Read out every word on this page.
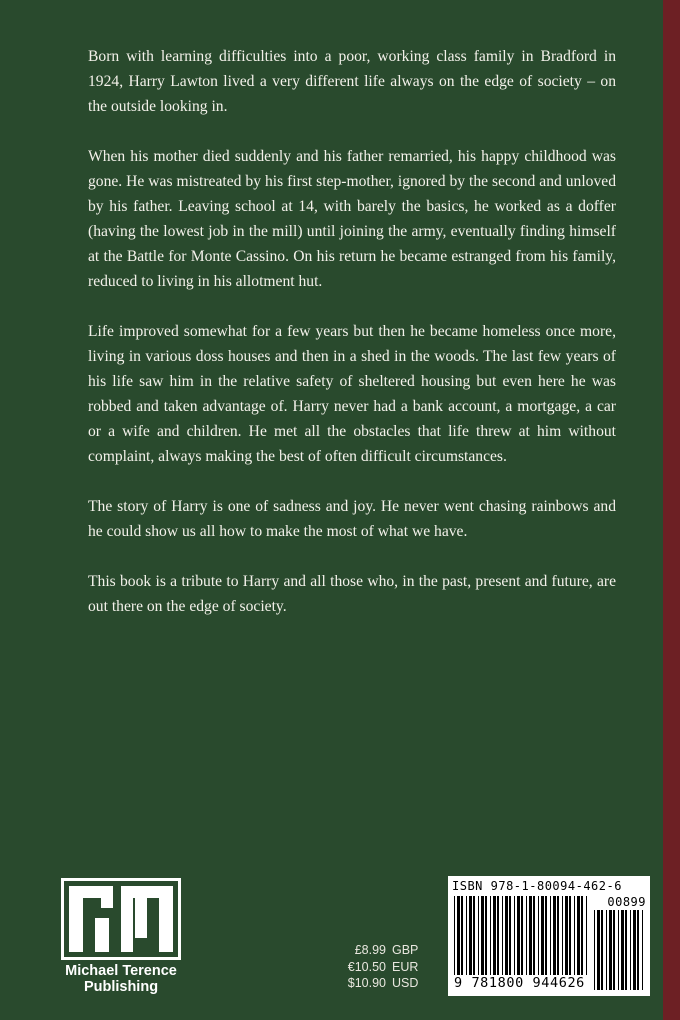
Born with learning difficulties into a poor, working class family in Bradford in 1924, Harry Lawton lived a very different life always on the edge of society – on the outside looking in.

When his mother died suddenly and his father remarried, his happy childhood was gone. He was mistreated by his first step-mother, ignored by the second and unloved by his father. Leaving school at 14, with barely the basics, he worked as a doffer (having the lowest job in the mill) until joining the army, eventually finding himself at the Battle for Monte Cassino. On his return he became estranged from his family, reduced to living in his allotment hut.

Life improved somewhat for a few years but then he became homeless once more, living in various doss houses and then in a shed in the woods. The last few years of his life saw him in the relative safety of sheltered housing but even here he was robbed and taken advantage of. Harry never had a bank account, a mortgage, a car or a wife and children. He met all the obstacles that life threw at him without complaint, always making the best of often difficult circumstances.

The story of Harry is one of sadness and joy. He never went chasing rainbows and he could show us all how to make the most of what we have.

This book is a tribute to Harry and all those who, in the past, present and future, are out there on the edge of society.

Michael Terence
Publishing
£8.99 GBP
€10.50 EUR
$10.90 USD
ISBN 978-1-80094-462-6
00899
9 781800 944626
